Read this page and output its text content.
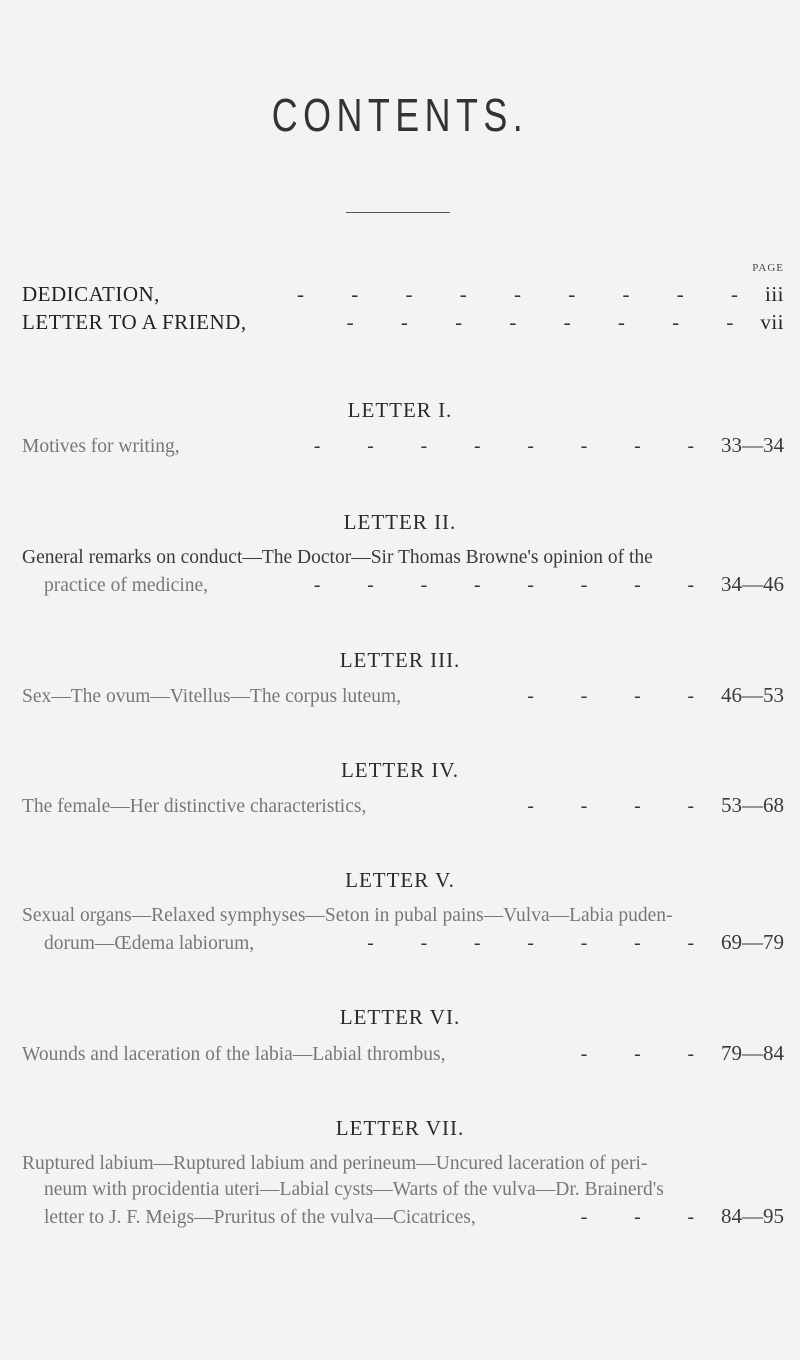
CONTENTS.
PAGE
DEDICATION,	- - - - - - - - - iii
LETTER TO A FRIEND,	- - - - - - - - vii
LETTER I.
Motives for writing,	- - - - - - - - 33—34
LETTER II.
General remarks on conduct—The Doctor—Sir Thomas Browne's opinion of the
practice of medicine,	- - - - - - - - 34—46
LETTER III.
Sex—The ovum—Vitellus—The corpus luteum,	- - - - 46—53
LETTER IV.
The female—Her distinctive characteristics,	- - - - 53—68
LETTER V.
Sexual organs—Relaxed symphyses—Seton in pubal pains—Vulva—Labia puden-
dorum—Œdema labiorum,	- - - - - - - 69—79
LETTER VI.
Wounds and laceration of the labia—Labial thrombus,	- - - 79—84
LETTER VII.
Ruptured labium—Ruptured labium and perineum—Uncured laceration of peri-
neum with procidentia uteri—Labial cysts—Warts of the vulva—Dr. Brainerd's
letter to J. F. Meigs—Pruritus of the vulva—Cicatrices,	- - - 84—95
